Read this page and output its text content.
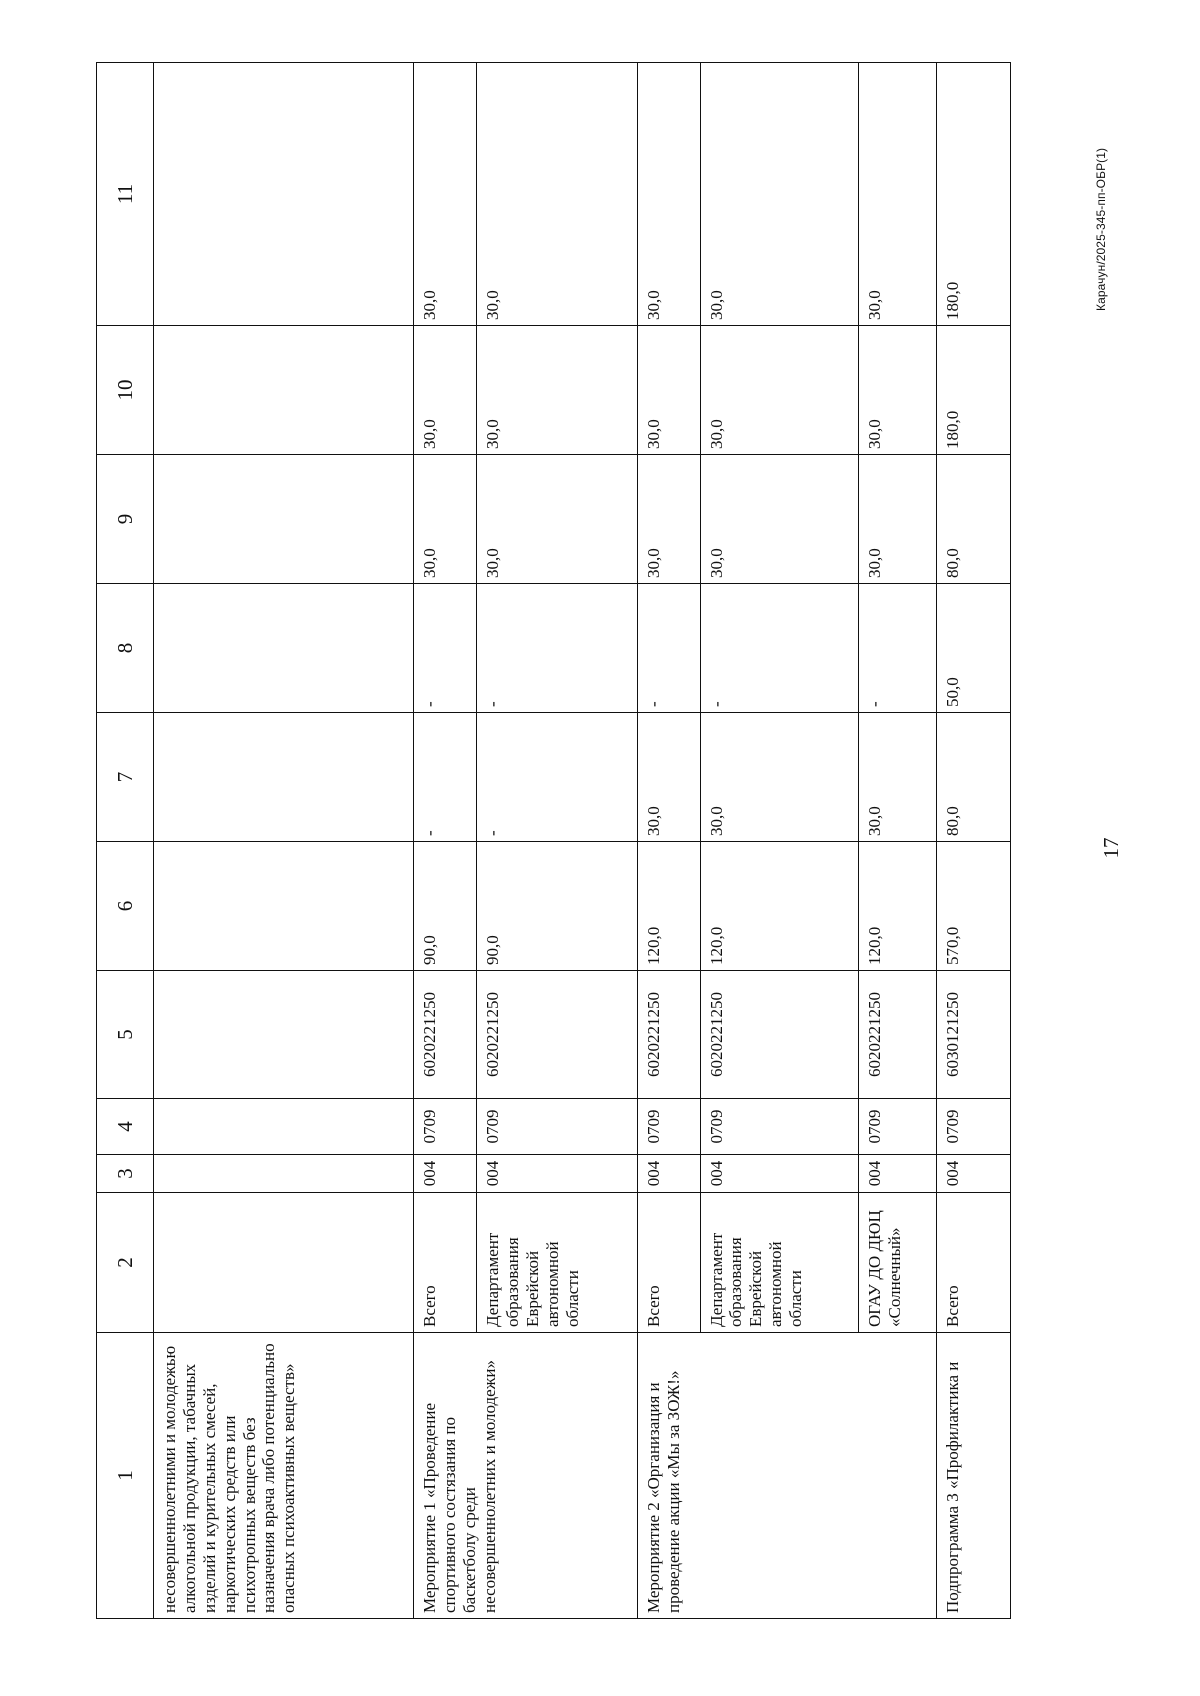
17
1	2	3	4	5	6	7	8	9	10	11
несовершеннолетними и молодежью алкогольной продукции, табачных изделий и курительных смесей, наркотических средств или психотропных веществ без назначения врача либо потенциально опасных психоактивных веществ»										
Мероприятие 1 «Проведение спортивного состязания по баскетболу среди несовершеннолетних и молодежи»	Всего	004	0709	6020221250	90,0	-	-	30,0	30,0	30,0
	Департамент образования Еврейской автономной области	004	0709	6020221250	90,0	-	-	30,0	30,0	30,0
Мероприятие 2 «Организация и проведение акции «Мы за ЗОЖ!»	Всего	004	0709	6020221250	120,0	30,0	-	30,0	30,0	30,0
	Департамент образования Еврейской автономной области	004	0709	6020221250	120,0	30,0	-	30,0	30,0	30,0
	ОГАУ ДО ДЮЦ «Солнечный»	004	0709	6020221250	120,0	30,0	-	30,0	30,0	30,0
Подпрограмма 3 «Профилактика и	Всего	004	0709	6030121250	570,0	80,0	50,0	80,0	180,0	180,0	Карачун/2025-345-пп-ОБР(1)
